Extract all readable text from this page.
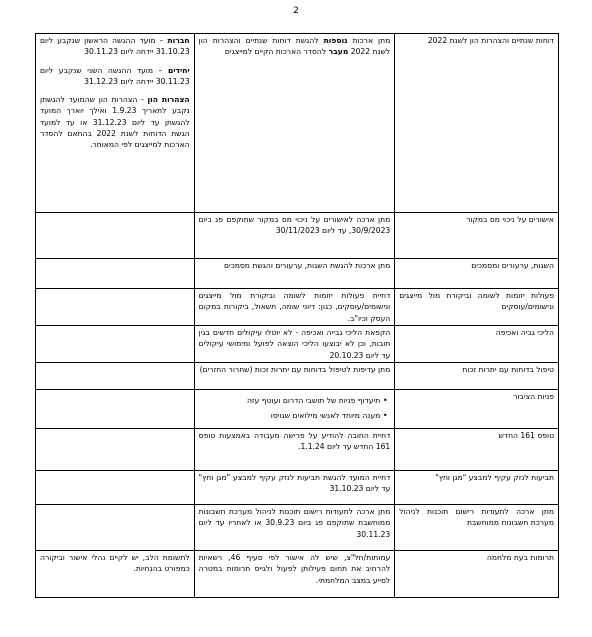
2

דוחות שנתיים והצהרות הון לשנת 2022	מתן ארכות נוספות להגשת דוחות שנתיים והצהרות הון לשנת 2022 מעבר להסדר הארכות הקיים למייצגים	חברות – מועד ההגשה הראשון שנקבע ליום 31.10.23 יידחה ליום 30.11.23

יחידים – מועד ההגשה השני שנקבע ליום 30.11.23 יידחה ליום 31.12.23

הצהרות הון - הצהרות הון שהמועד להגשתן נקבע לתאריך 1.9.23 ואילך יוארך המועד להגשתן עד ליום 31.12.23 או עד למועד הגשת הדוחות לשנת 2022 בהתאם להסדר הארכות למייצגים לפי המאוחר.

אישורים על ניכוי מס במקור	מתן ארכה לאישורים על ניכוי מס במקור שתוקפם פג ביום 30/9/2023, עד ליום 30/11/2023	

השגות, ערעורים ומסמכים	מתן ארכות להגשת השגות, ערעורים והגשת מסמכים	

פעולות יזומות לשומה וביקורת מול מייצגים ונישומים/עוסקים	דחיית פעולות יזומות לשומה וביקורת מול מייצגים ונישומים/עוסקים, כגון: דיוני שומה, תשאול, ביקורות במקום העסק וכיו"ב.	

הליכי גביה ואכיפה	הקפאת הליכי גבייה ואכיפה - לא יוטלו עיקולים חדשים בגין חובות, וכן לא יבוצעו הליכי הוצאה לפועל ומימושי עיקולים עד ליום 20.10.23	

טיפול בדוחות עם יתרות זכות	מתן עדיפות לטיפול בדוחות עם יתרות זכות (שחרור החזרים)	

פניות הציבור	•
תיעדוף פניות של תושבי הדרום ועוטף עזה
•
מענה מיוחד לאנשי מילואים שגויסו	

טופס 161 החדש	דחיית החובה להודיע על פרישה מעבודה באמצעות טופס 161 החדש עד ליום 1.1.24.	

תביעות לנזק עקיף למבצע "מגן וחץ"	דחיית המועד להגשת תביעות לנזק עקיף למבצע "מגן וחץ" עד ליום 31.10.23	

מתן ארכה לתעודות רישום תוכנות לניהול מערכת חשבונות ממוחשבת	מתן ארכה לתעודות רישום תוכנות לניהול מערכת חשבונות ממוחשבת שתוקפם פג ביום 30.9.23 או לאחריו עד ליום 30.11.23	

תרומות בעת מלחמה	עמותות/חל"צ, שיש לה אישור לפי סעיף 46, רשאיות להרחיב את תחום פעילותן לפעול ולגייס תרומות במטרה לסייע במצב המלחמתי.	לתשומת הלב, יש לקיים נהלי אישור וביקורה כמפורט בהנחיות.
